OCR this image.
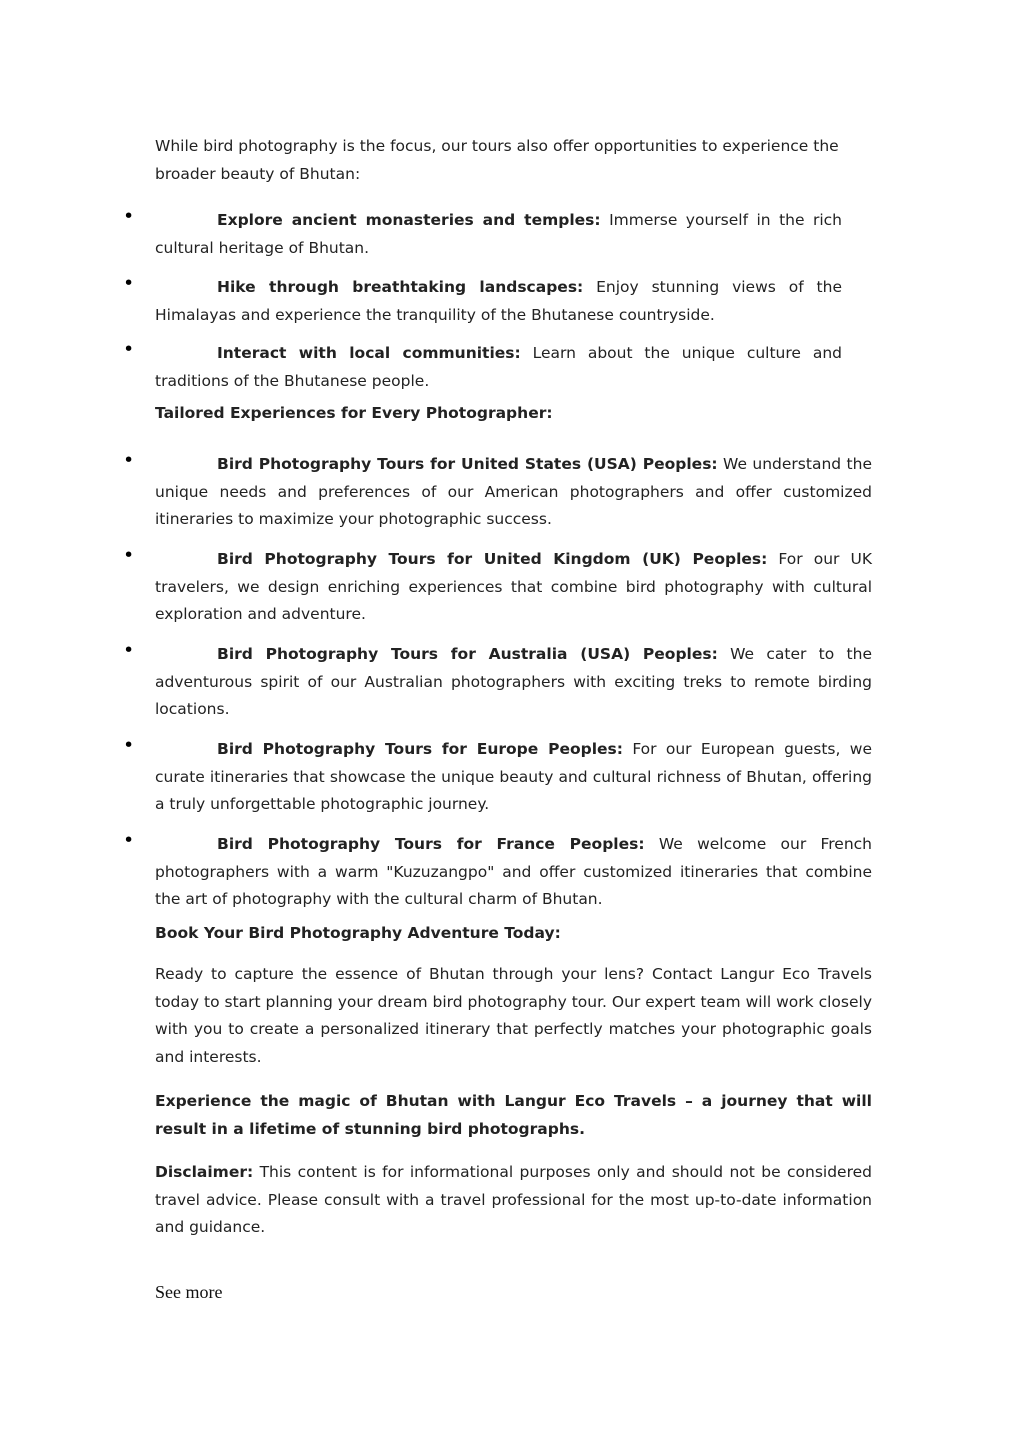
While bird photography is the focus, our tours also offer opportunities to experience the broader beauty of Bhutan:

•	Explore ancient monasteries and temples: Immerse yourself in the rich cultural heritage of Bhutan.

•	Hike through breathtaking landscapes: Enjoy stunning views of the Himalayas and experience the tranquility of the Bhutanese countryside.

•	Interact with local communities: Learn about the unique culture and traditions of the Bhutanese people.

Tailored Experiences for Every Photographer:
•	Bird Photography Tours for United States (USA) Peoples: We understand the unique needs and preferences of our American photographers and offer customized itineraries to maximize your photographic success.

•	Bird Photography Tours for United Kingdom (UK) Peoples: For our UK travelers, we design enriching experiences that combine bird photography with cultural exploration and adventure.

•	Bird Photography Tours for Australia (USA) Peoples: We cater to the adventurous spirit of our Australian photographers with exciting treks to remote birding locations.

•	Bird Photography Tours for Europe Peoples: For our European guests, we curate itineraries that showcase the unique beauty and cultural richness of Bhutan, offering a truly unforgettable photographic journey.

•	Bird Photography Tours for France Peoples: We welcome our French photographers with a warm "Kuzuzangpo" and offer customized itineraries that combine the art of photography with the cultural charm of Bhutan.

Book Your Bird Photography Adventure Today:

Ready to capture the essence of Bhutan through your lens? Contact Langur Eco Travels today to start planning your dream bird photography tour. Our expert team will work closely with you to create a personalized itinerary that perfectly matches your photographic goals and interests.

Experience the magic of Bhutan with Langur Eco Travels – a journey that will result in a lifetime of stunning bird photographs.

Disclaimer: This content is for informational purposes only and should not be considered travel advice. Please consult with a travel professional for the most up-to-date information and guidance.

See more
